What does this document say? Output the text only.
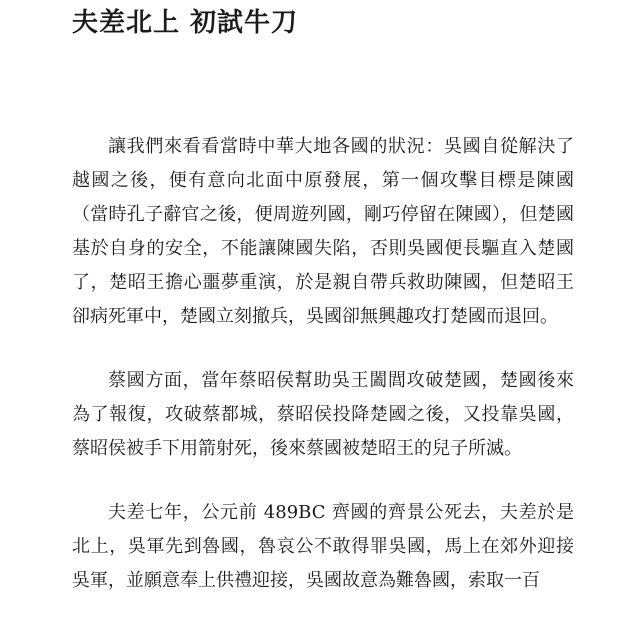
夫差北上 初試牛刀

讓我們來看看當時中華大地各國的狀況：吳國自從解決了越國之後，便有意向北面中原發展，第一個攻擊目標是陳國（當時孔子辭官之後，便周遊列國，剛巧停留在陳國），但楚國基於自身的安全，不能讓陳國失陷，否則吳國便長驅直入楚國了，楚昭王擔心噩夢重演，於是親自帶兵救助陳國，但楚昭王卻病死軍中，楚國立刻撤兵，吳國卻無興趣攻打楚國而退回。

蔡國方面，當年蔡昭侯幫助吳王闔閭攻破楚國，楚國後來為了報復，攻破蔡都城，蔡昭侯投降楚國之後，又投靠吳國，蔡昭侯被手下用箭射死，後來蔡國被楚昭王的兒子所滅。

夫差七年，公元前 489BC 齊國的齊景公死去，夫差於是北上，吳軍先到魯國，魯哀公不敢得罪吳國，馬上在郊外迎接吳軍，並願意奉上供禮迎接，吳國故意為難魯國，索取一百
